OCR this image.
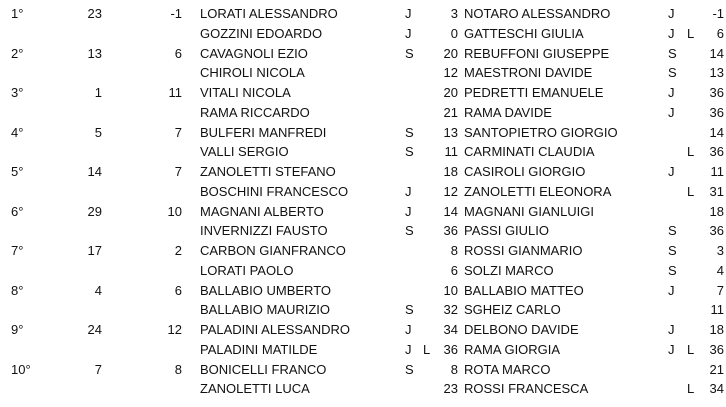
1°	23	-1 LORATI ALESSANDRO	J	3 NOTARO ALESSANDRO	J	-1
GOZZINI EDOARDO	J	0 GATTESCHI GIULIA	J L	6
2°	13	6 CAVAGNOLI EZIO	S	20 REBUFFONI GIUSEPPE	S	14
CHIROLI NICOLA	12 MAESTRONI DAVIDE	S	13
3°	1	11 VITALI NICOLA	20 PEDRETTI EMANUELE	J	36
RAMA RICCARDO	21 RAMA DAVIDE	J	36
4°	5	7 BULFERI MANFREDI	S	13 SANTOPIETRO GIORGIO	14
VALLI SERGIO	S	11 CARMINATI CLAUDIA	L	36
5°	14	7 ZANOLETTI STEFANO	18 CASIROLI GIORGIO	J	11
BOSCHINI FRANCESCO	J	12 ZANOLETTI ELEONORA	L	31
6°	29	10 MAGNANI ALBERTO	J	14 MAGNANI GIANLUIGI	18
INVERNIZZI FAUSTO	S	36 PASSI GIULIO	S	36
7°	17	2 CARBON GIANFRANCO	8 ROSSI GIANMARIO	S	3
LORATI PAOLO	6 SOLZI MARCO	S	4
8°	4	6 BALLABIO UMBERTO	10 BALLABIO MATTEO	J	7
BALLABIO MAURIZIO	S	32 SGHEIZ CARLO	11
9°	24	12 PALADINI ALESSANDRO	J	34 DELBONO DAVIDE	J	18
PALADINI MATILDE	J L	36 RAMA GIORGIA	J L	36
10°	7	8 BONICELLI FRANCO	S	8 ROTA MARCO	21
ZANOLETTI LUCA	23 ROSSI FRANCESCA	L	34
